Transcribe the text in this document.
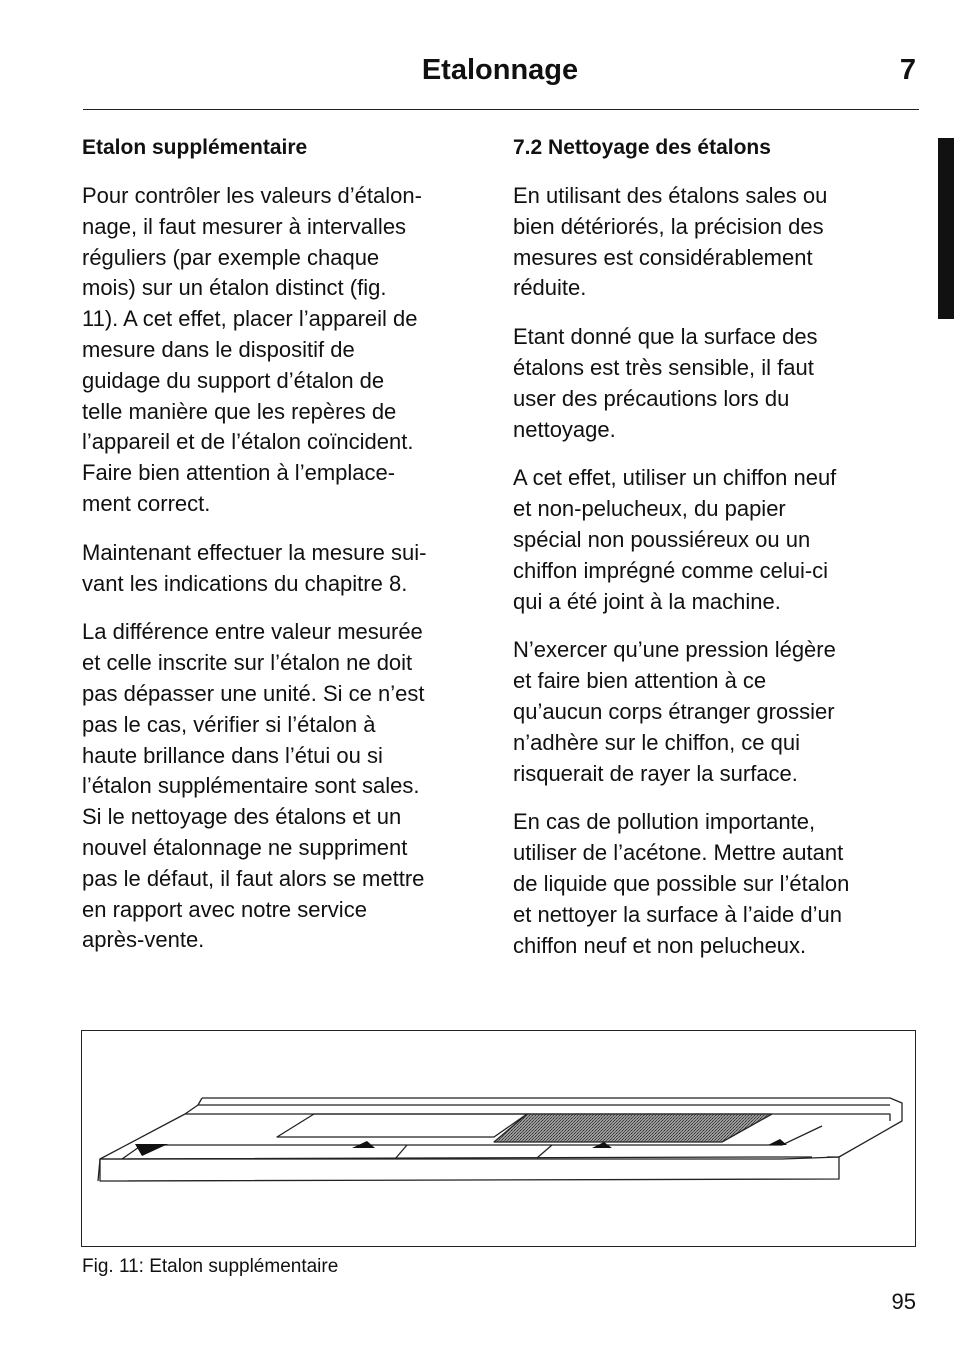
Etalonnage	7
Etalon supplémentaire

Pour contrôler les valeurs d’étalon-
nage, il faut mesurer à intervalles
réguliers (par exemple chaque
mois) sur un étalon distinct (fig.
11). A cet effet, placer l’appareil de
mesure dans le dispositif de
guidage du support d’étalon de
telle manière que les repères de
l’appareil et de l’étalon coïncident.
Faire bien attention à l’emplace-
ment correct.

Maintenant effectuer la mesure sui-
vant les indications du chapitre 8.

La différence entre valeur mesurée
et celle inscrite sur l’étalon ne doit
pas dépasser une unité. Si ce n’est
pas le cas, vérifier si l’étalon à
haute brillance dans l’étui ou si
l’étalon supplémentaire sont sales.
Si le nettoyage des étalons et un
nouvel étalonnage ne suppriment
pas le défaut, il faut alors se mettre
en rapport avec notre service
après-vente.

7.2 Nettoyage des étalons

En utilisant des étalons sales ou
bien détériorés, la précision des
mesures est considérablement
réduite.

Etant donné que la surface des
étalons est très sensible, il faut
user des précautions lors du
nettoyage.

A cet effet, utiliser un chiffon neuf
et non-pelucheux, du papier
spécial non poussiéreux ou un
chiffon imprégné comme celui-ci
qui a été joint à la machine.

N’exercer qu’une pression légère
et faire bien attention à ce
qu’aucun corps étranger grossier
n’adhère sur le chiffon, ce qui
risquerait de rayer la surface.

En cas de pollution importante,
utiliser de l’acétone. Mettre autant
de liquide que possible sur l’étalon
et nettoyer la surface à l’aide d’un
chiffon neuf et non pelucheux.

Fig. 11: Etalon supplémentaire
95
